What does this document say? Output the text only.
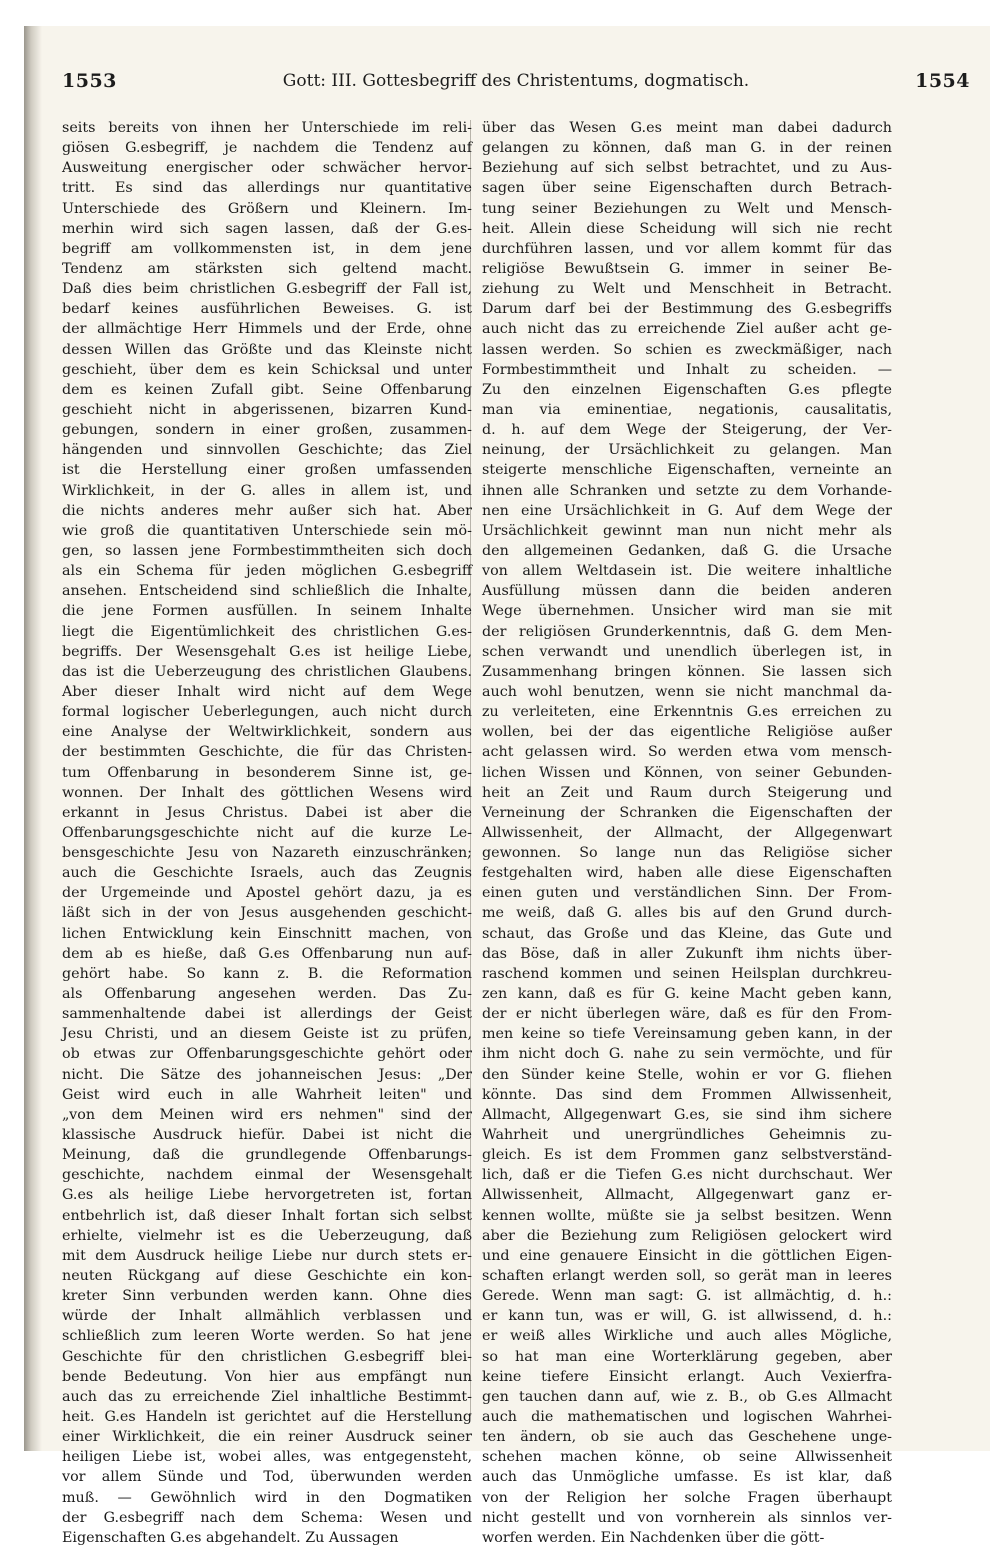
1553	Gott: III. Gottesbegriff des Christentums, dogmatisch.	1554
seits bereits von ihnen her Unterschiede im reli-
giösen G.esbegriff, je nachdem die Tendenz auf
Ausweitung energischer oder schwächer hervor-
tritt. Es sind das allerdings nur quantitative
Unterschiede des Größern und Kleinern. Im-
merhin wird sich sagen lassen, daß der G.es-
begriff am vollkommensten ist, in dem jene
Tendenz am stärksten sich geltend macht.
Daß dies beim christlichen G.esbegriff der Fall ist,
bedarf keines ausführlichen Beweises. G. ist
der allmächtige Herr Himmels und der Erde, ohne
dessen Willen das Größte und das Kleinste nicht
geschieht, über dem es kein Schicksal und unter
dem es keinen Zufall gibt. Seine Offenbarung
geschieht nicht in abgerissenen, bizarren Kund-
gebungen, sondern in einer großen, zusammen-
hängenden und sinnvollen Geschichte; das Ziel
ist die Herstellung einer großen umfassenden
Wirklichkeit, in der G. alles in allem ist, und
die nichts anderes mehr außer sich hat. Aber
wie groß die quantitativen Unterschiede sein mö-
gen, so lassen jene Formbestimmtheiten sich doch
als ein Schema für jeden möglichen G.esbegriff
ansehen. Entscheidend sind schließlich die Inhalte,
die jene Formen ausfüllen. In seinem Inhalte
liegt die Eigentümlichkeit des christlichen G.es-
begriffs. Der Wesensgehalt G.es ist heilige Liebe,
das ist die Ueberzeugung des christlichen Glaubens.
Aber dieser Inhalt wird nicht auf dem Wege
formal logischer Ueberlegungen, auch nicht durch
eine Analyse der Weltwirklichkeit, sondern aus
der bestimmten Geschichte, die für das Christen-
tum Offenbarung in besonderem Sinne ist, ge-
wonnen. Der Inhalt des göttlichen Wesens wird
erkannt in Jesus Christus. Dabei ist aber die
Offenbarungsgeschichte nicht auf die kurze Le-
bensgeschichte Jesu von Nazareth einzuschränken;
auch die Geschichte Israels, auch das Zeugnis
der Urgemeinde und Apostel gehört dazu, ja es
läßt sich in der von Jesus ausgehenden geschicht-
lichen Entwicklung kein Einschnitt machen, von
dem ab es hieße, daß G.es Offenbarung nun auf-
gehört habe. So kann z. B. die Reformation
als Offenbarung angesehen werden. Das Zu-
sammenhaltende dabei ist allerdings der Geist
Jesu Christi, und an diesem Geiste ist zu prüfen,
ob etwas zur Offenbarungsgeschichte gehört oder
nicht. Die Sätze des johanneischen Jesus: „Der
Geist wird euch in alle Wahrheit leiten" und
„von dem Meinen wird ers nehmen" sind der
klassische Ausdruck hiefür. Dabei ist nicht die
Meinung, daß die grundlegende Offenbarungs-
geschichte, nachdem einmal der Wesensgehalt
G.es als heilige Liebe hervorgetreten ist, fortan
entbehrlich ist, daß dieser Inhalt fortan sich selbst
erhielte, vielmehr ist es die Ueberzeugung, daß
mit dem Ausdruck heilige Liebe nur durch stets er-
neuten Rückgang auf diese Geschichte ein kon-
kreter Sinn verbunden werden kann. Ohne dies
würde der Inhalt allmählich verblassen und
schließlich zum leeren Worte werden. So hat jene
Geschichte für den christlichen G.esbegriff blei-
bende Bedeutung. Von hier aus empfängt nun
auch das zu erreichende Ziel inhaltliche Bestimmt-
heit. G.es Handeln ist gerichtet auf die Herstellung
einer Wirklichkeit, die ein reiner Ausdruck seiner
heiligen Liebe ist, wobei alles, was entgegensteht,
vor allem Sünde und Tod, überwunden werden
muß. — Gewöhnlich wird in den Dogmatiken
der G.esbegriff nach dem Schema: Wesen und
Eigenschaften G.es abgehandelt. Zu Aussagen
über das Wesen G.es meint man dabei dadurch
gelangen zu können, daß man G. in der reinen
Beziehung auf sich selbst betrachtet, und zu Aus-
sagen über seine Eigenschaften durch Betrach-
tung seiner Beziehungen zu Welt und Mensch-
heit. Allein diese Scheidung will sich nie recht
durchführen lassen, und vor allem kommt für das
religiöse Bewußtsein G. immer in seiner Be-
ziehung zu Welt und Menschheit in Betracht.
Darum darf bei der Bestimmung des G.esbegriffs
auch nicht das zu erreichende Ziel außer acht ge-
lassen werden. So schien es zweckmäßiger, nach
Formbestimmtheit und Inhalt zu scheiden. —
Zu den einzelnen Eigenschaften G.es pflegte
man via eminentiae, negationis, causalitatis,
d. h. auf dem Wege der Steigerung, der Ver-
neinung, der Ursächlichkeit zu gelangen. Man
steigerte menschliche Eigenschaften, verneinte an
ihnen alle Schranken und setzte zu dem Vorhande-
nen eine Ursächlichkeit in G. Auf dem Wege der
Ursächlichkeit gewinnt man nun nicht mehr als
den allgemeinen Gedanken, daß G. die Ursache
von allem Weltdasein ist. Die weitere inhaltliche
Ausfüllung müssen dann die beiden anderen
Wege übernehmen. Unsicher wird man sie mit
der religiösen Grunderkenntnis, daß G. dem Men-
schen verwandt und unendlich überlegen ist, in
Zusammenhang bringen können. Sie lassen sich
auch wohl benutzen, wenn sie nicht manchmal da-
zu verleiteten, eine Erkenntnis G.es erreichen zu
wollen, bei der das eigentliche Religiöse außer
acht gelassen wird. So werden etwa vom mensch-
lichen Wissen und Können, von seiner Gebunden-
heit an Zeit und Raum durch Steigerung und
Verneinung der Schranken die Eigenschaften der
Allwissenheit, der Allmacht, der Allgegenwart
gewonnen. So lange nun das Religiöse sicher
festgehalten wird, haben alle diese Eigenschaften
einen guten und verständlichen Sinn. Der From-
me weiß, daß G. alles bis auf den Grund durch-
schaut, das Große und das Kleine, das Gute und
das Böse, daß in aller Zukunft ihm nichts über-
raschend kommen und seinen Heilsplan durchkreu-
zen kann, daß es für G. keine Macht geben kann,
der er nicht überlegen wäre, daß es für den From-
men keine so tiefe Vereinsamung geben kann, in der
ihm nicht doch G. nahe zu sein vermöchte, und für
den Sünder keine Stelle, wohin er vor G. fliehen
könnte. Das sind dem Frommen Allwissenheit,
Allmacht, Allgegenwart G.es, sie sind ihm sichere
Wahrheit und unergründliches Geheimnis zu-
gleich. Es ist dem Frommen ganz selbstverständ-
lich, daß er die Tiefen G.es nicht durchschaut. Wer
Allwissenheit, Allmacht, Allgegenwart ganz er-
kennen wollte, müßte sie ja selbst besitzen. Wenn
aber die Beziehung zum Religiösen gelockert wird
und eine genauere Einsicht in die göttlichen Eigen-
schaften erlangt werden soll, so gerät man in leeres
Gerede. Wenn man sagt: G. ist allmächtig, d. h.:
er kann tun, was er will, G. ist allwissend, d. h.:
er weiß alles Wirkliche und auch alles Mögliche,
so hat man eine Worterklärung gegeben, aber
keine tiefere Einsicht erlangt. Auch Vexierfra-
gen tauchen dann auf, wie z. B., ob G.es Allmacht
auch die mathematischen und logischen Wahrhei-
ten ändern, ob sie auch das Geschehene unge-
schehen machen könne, ob seine Allwissenheit
auch das Unmögliche umfasse. Es ist klar, daß
von der Religion her solche Fragen überhaupt
nicht gestellt und von vornherein als sinnlos ver-
worfen werden. Ein Nachdenken über die gött-
